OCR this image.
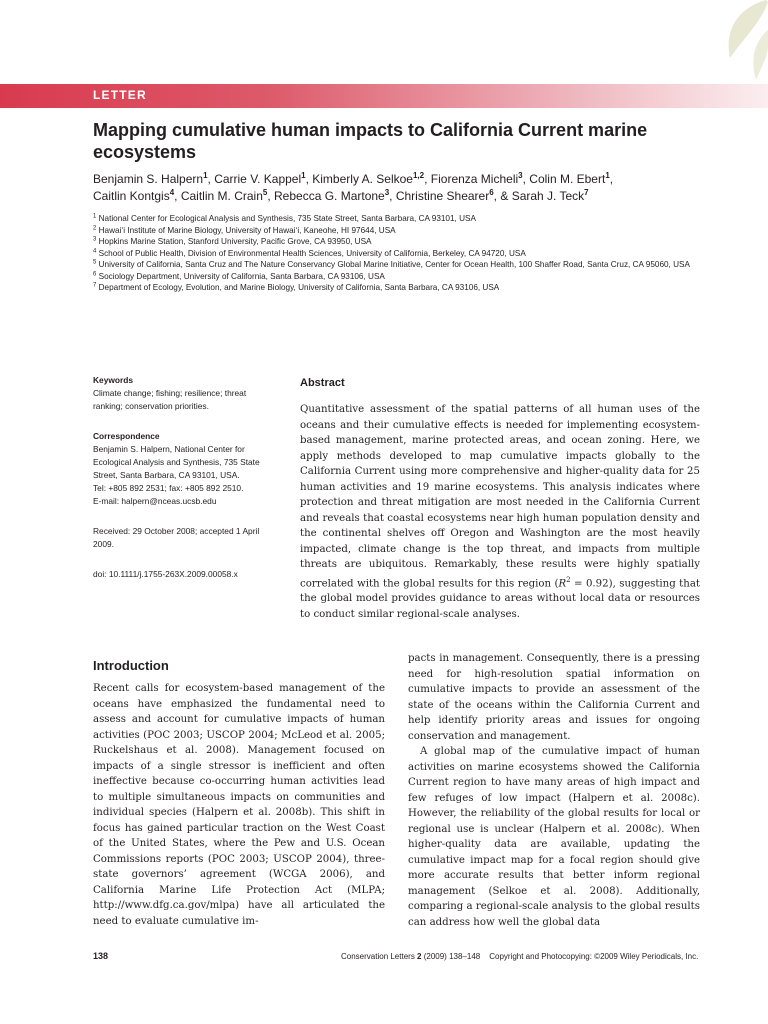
LETTER
Mapping cumulative human impacts to California Current marine ecosystems
Benjamin S. Halpern$^1$, Carrie V. Kappel$^1$, Kimberly A. Selkoe$^{1,2}$, Fiorenza Micheli$^3$, Colin M. Ebert$^1$,
Caitlin Kontgis$^4$, Caitlin M. Crain$^5$, Rebecca G. Martone$^3$, Christine Shearer$^6$, & Sarah J. Teck$^7$
$^1$ National Center for Ecological Analysis and Synthesis, 735 State Street, Santa Barbara, CA 93101, USA
$^2$ Hawai‘i Institute of Marine Biology, University of Hawai‘i, Kaneohe, HI 97644, USA
$^3$ Hopkins Marine Station, Stanford University, Pacific Grove, CA 93950, USA
$^4$ School of Public Health, Division of Environmental Health Sciences, University of California, Berkeley, CA 94720, USA
$^5$ University of California, Santa Cruz and The Nature Conservancy Global Marine Initiative, Center for Ocean Health, 100 Shaffer Road, Santa Cruz, CA 95060, USA
$^6$ Sociology Department, University of California, Santa Barbara, CA 93106, USA
$^7$ Department of Ecology, Evolution, and Marine Biology, University of California, Santa Barbara, CA 93106, USA
Keywords
Climate change; fishing; resilience; threat ranking; conservation priorities.
Correspondence
Benjamin S. Halpern, National Center for Ecological Analysis and Synthesis, 735 State Street, Santa Barbara, CA 93101, USA.
Tel: +805 892 2531; fax: +805 892 2510.
E-mail: halpern@nceas.ucsb.edu
Received: 29 October 2008; accepted 1 April 2009.
doi: 10.1111/j.1755-263X.2009.00058.x
Abstract

Quantitative assessment of the spatial patterns of all human uses of the oceans and their cumulative effects is needed for implementing ecosystem-based management, marine protected areas, and ocean zoning. Here, we apply methods developed to map cumulative impacts globally to the California Current using more comprehensive and higher-quality data for 25 human activities and 19 marine ecosystems. This analysis indicates where protection and threat mitigation are most needed in the California Current and reveals that coastal ecosystems near high human population density and the continental shelves off Oregon and Washington are the most heavily impacted, climate change is the top threat, and impacts from multiple threats are ubiquitous. Remarkably, these results were highly spatially correlated with the global results for this region $(R^2 = 0.92)$, suggesting that the global model provides guidance to areas without local data or resources to conduct similar regional-scale analyses.

Introduction

Recent calls for ecosystem-based management of the oceans have emphasized the fundamental need to assess and account for cumulative impacts of human activities (POC 2003; USCOP 2004; McLeod et al. 2005; Ruckelshaus et al. 2008). Management focused on impacts of a single stressor is inefficient and often ineffective because co-occurring human activities lead to multiple simultaneous impacts on communities and individual species (Halpern et al. 2008b). This shift in focus has gained particular traction on the West Coast of the United States, where the Pew and U.S. Ocean Commissions reports (POC 2003; USCOP 2004), three-state governors’ agreement (WCGA 2006), and California Marine Life Protection Act (MLPA; http://www.dfg.ca.gov/mlpa) have all articulated the need to evaluate cumulative im-

pacts in management. Consequently, there is a pressing need for high-resolution spatial information on cumulative impacts to provide an assessment of the state of the oceans within the California Current and help identify priority areas and issues for ongoing conservation and management.

A global map of the cumulative impact of human activities on marine ecosystems showed the California Current region to have many areas of high impact and few refuges of low impact (Halpern et al. 2008c). However, the reliability of the global results for local or regional use is unclear (Halpern et al. 2008c). When higher-quality data are available, updating the cumulative impact map for a focal region should give more accurate results that better inform regional management (Selkoe et al. 2008). Additionally, comparing a regional-scale analysis to the global results can address how well the global data

138	Conservation Letters 2 (2009) 138–148 Copyright and Photocopying: ©2009 Wiley Periodicals, Inc.
